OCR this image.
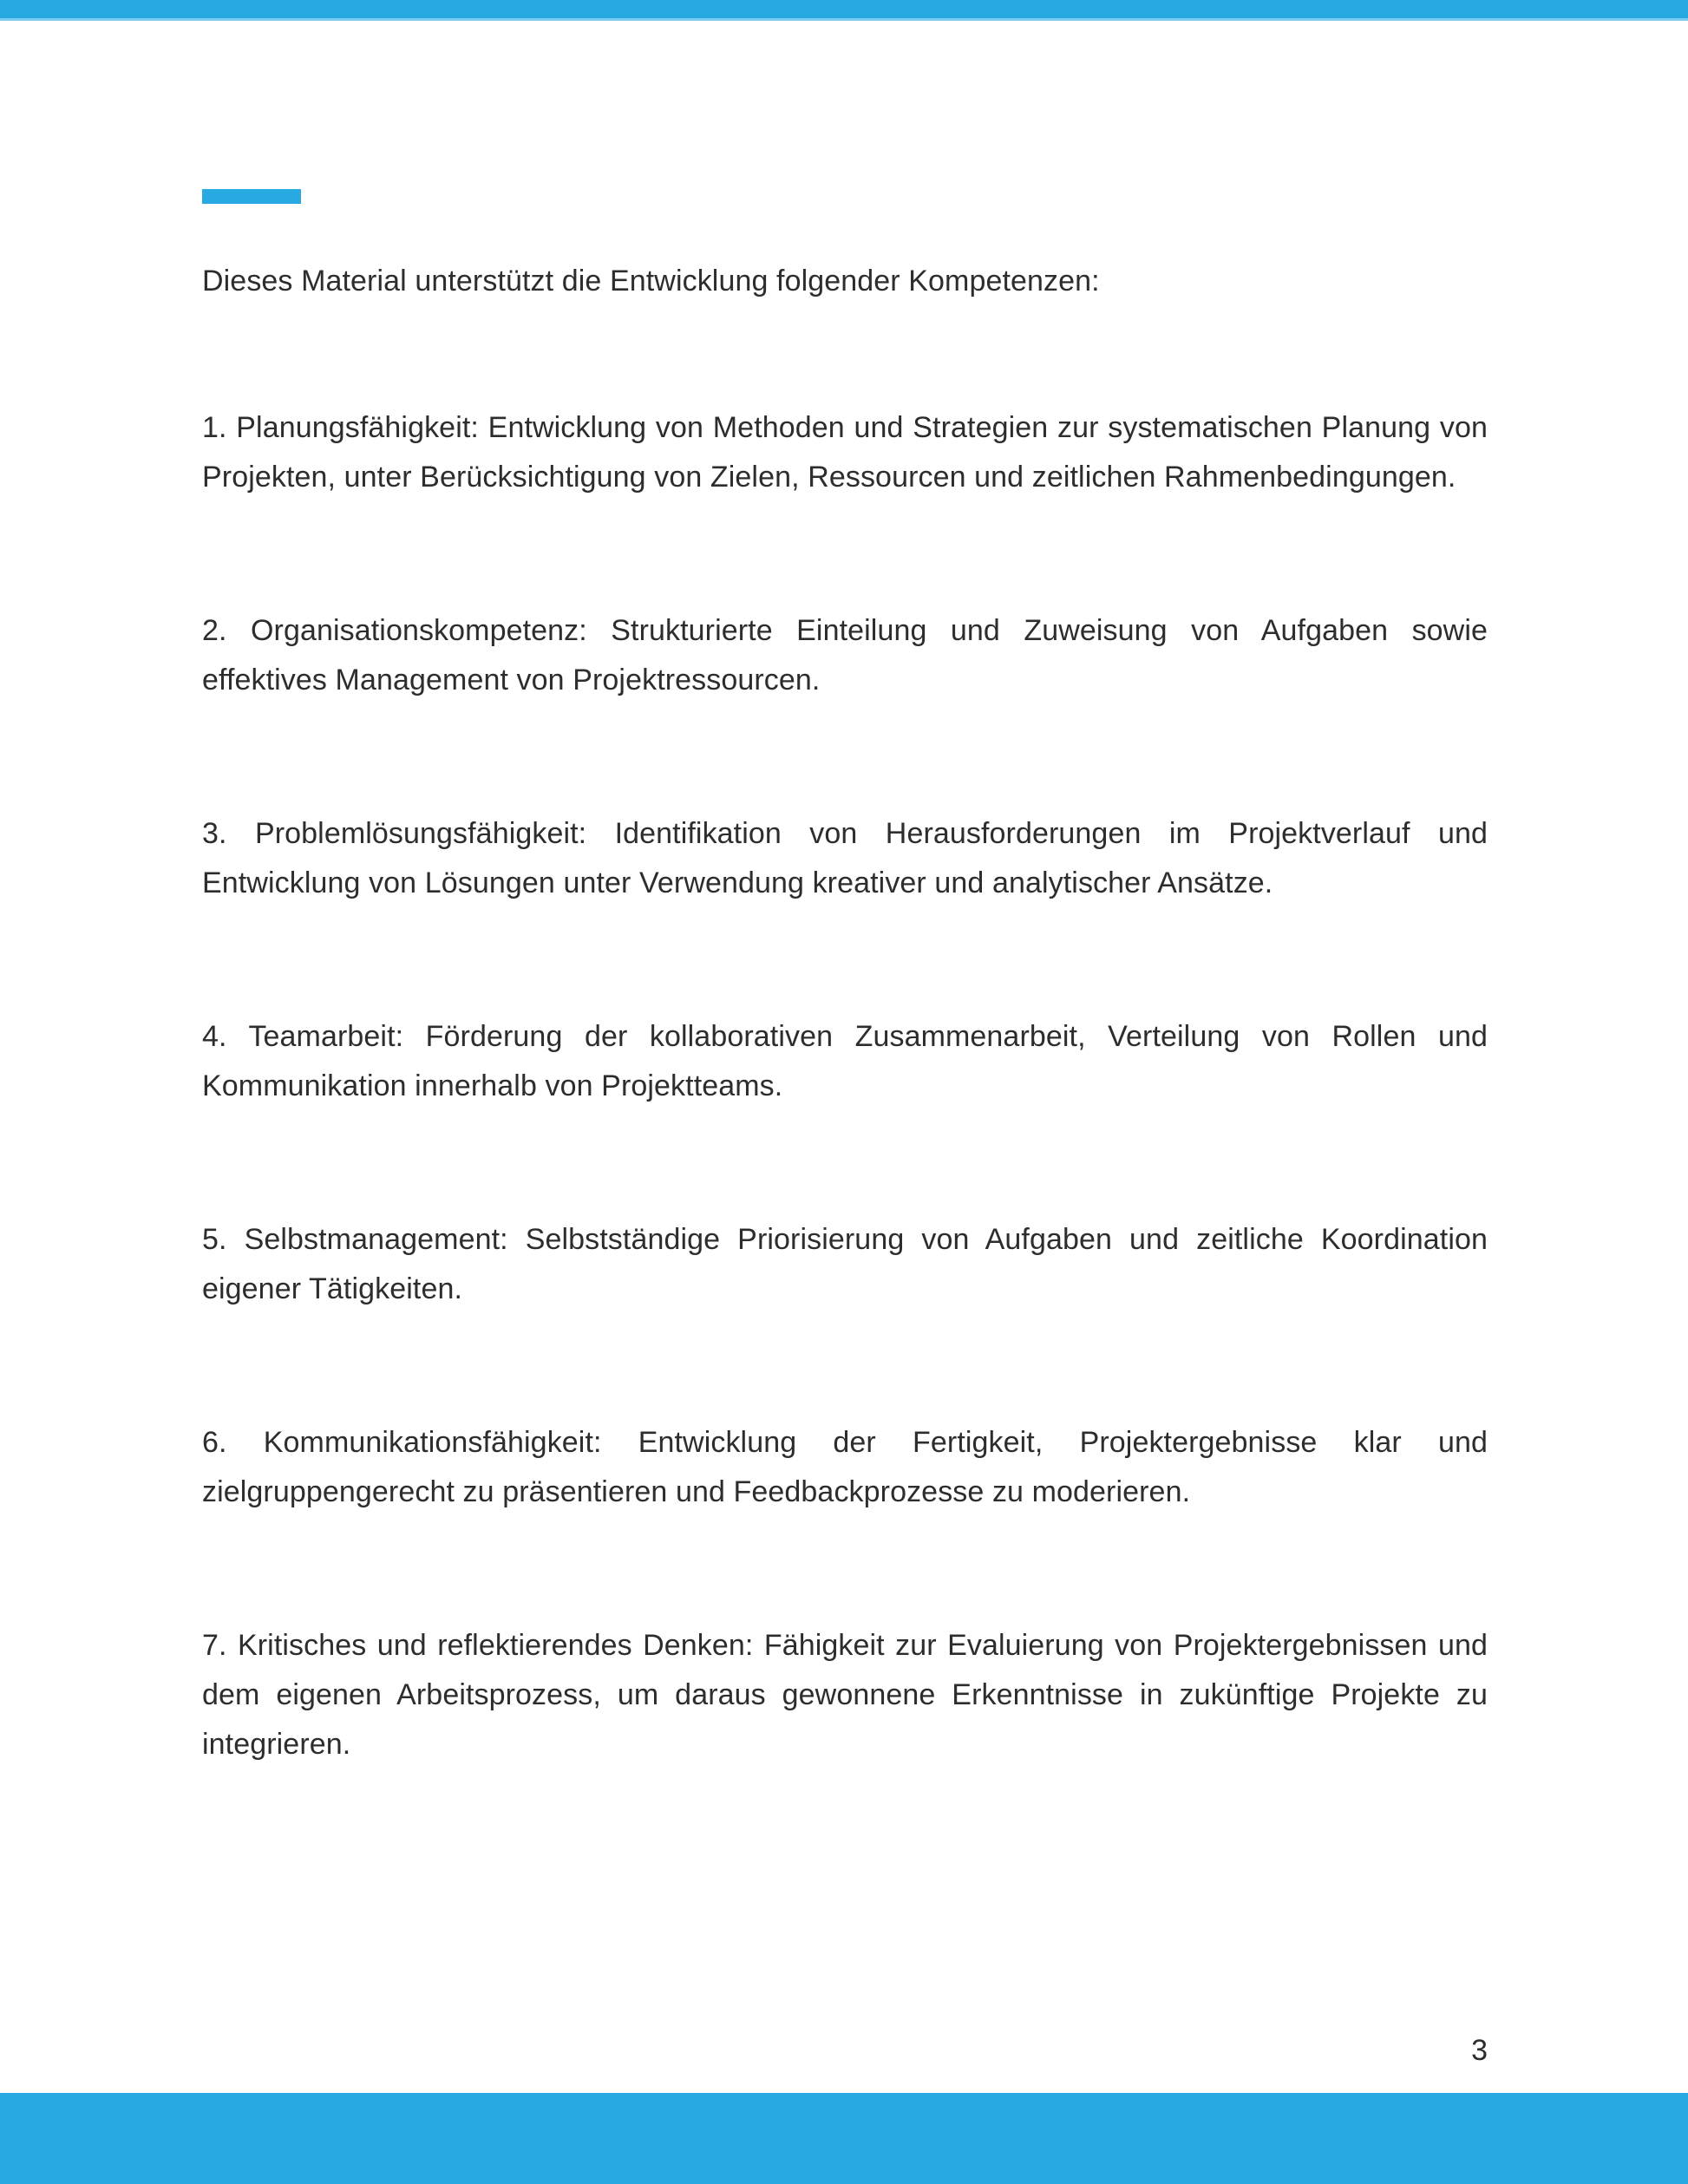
Dieses Material unterstützt die Entwicklung folgender Kompetenzen:

1. Planungsfähigkeit: Entwicklung von Methoden und Strategien zur systematischen Planung von Projekten, unter Berücksichtigung von Zielen, Ressourcen und zeitlichen Rahmenbedingungen.

2. Organisationskompetenz: Strukturierte Einteilung und Zuweisung von Aufgaben sowie effektives Management von Projektressourcen.

3. Problemlösungsfähigkeit: Identifikation von Herausforderungen im Projektverlauf und Entwicklung von Lösungen unter Verwendung kreativer und analytischer Ansätze.

4. Teamarbeit: Förderung der kollaborativen Zusammenarbeit, Verteilung von Rollen und Kommunikation innerhalb von Projektteams.

5. Selbstmanagement: Selbstständige Priorisierung von Aufgaben und zeitliche Koordination eigener Tätigkeiten.

6. Kommunikationsfähigkeit: Entwicklung der Fertigkeit, Projektergebnisse klar und zielgruppengerecht zu präsentieren und Feedbackprozesse zu moderieren.

7. Kritisches und reflektierendes Denken: Fähigkeit zur Evaluierung von Projektergebnissen und dem eigenen Arbeitsprozess, um daraus gewonnene Erkenntnisse in zukünftige Projekte zu integrieren.

3
